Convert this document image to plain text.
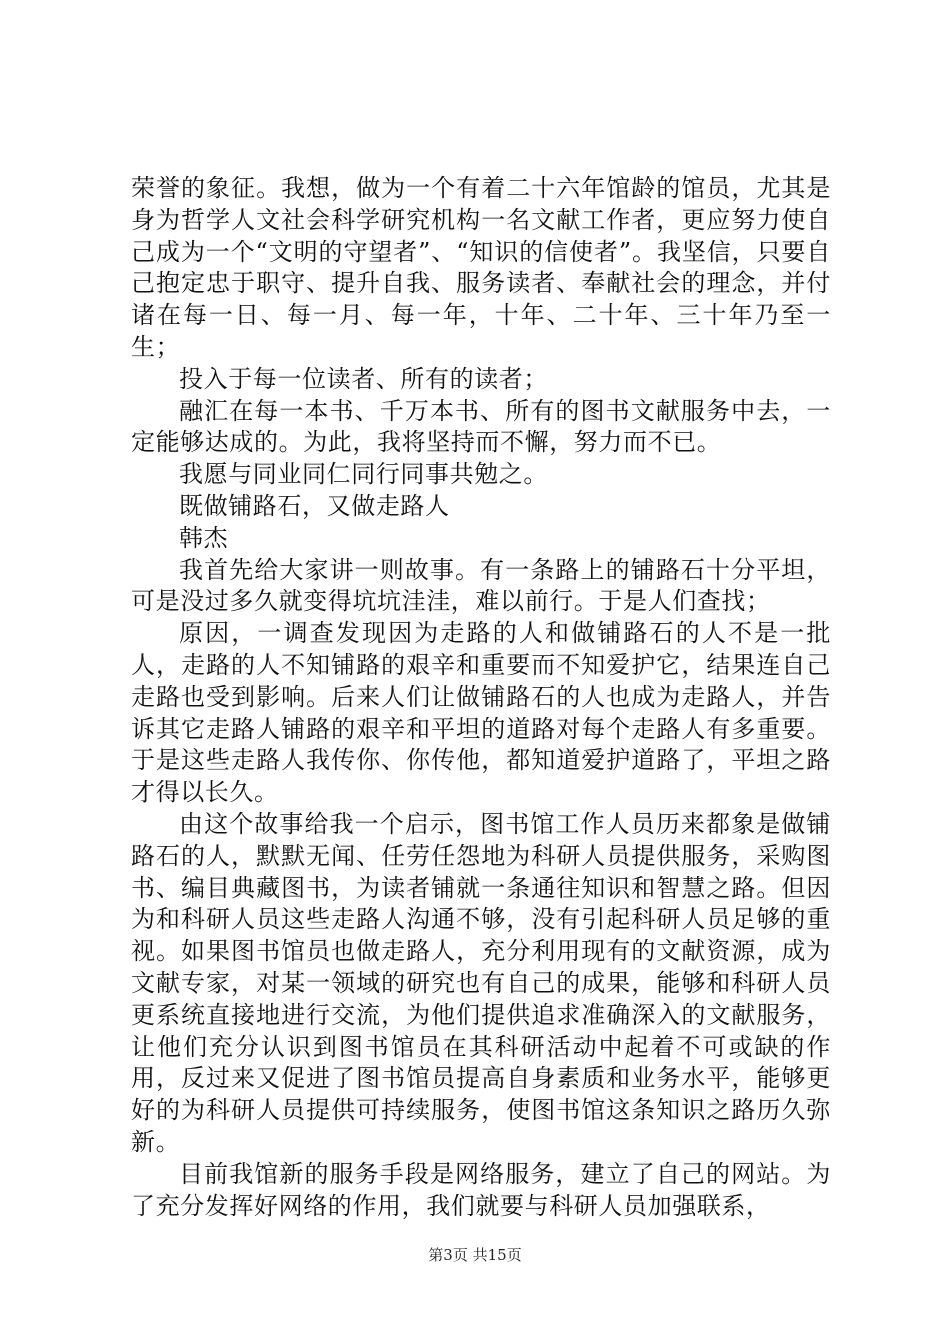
荣誉的象征。我想，做为一个有着二十六年馆龄的馆员，尤其是身为哲学人文社会科学研究机构一名文献工作者，更应努力使自己成为一个“文明的守望者”、“知识的信使者”。我坚信，只要自己抱定忠于职守、提升自我、服务读者、奉献社会的理念，并付诸在每一日、每一月、每一年，十年、二十年、三十年乃至一生；

投入于每一位读者、所有的读者；

融汇在每一本书、千万本书、所有的图书文献服务中去，一定能够达成的。为此，我将坚持而不懈，努力而不已。

我愿与同业同仁同行同事共勉之。

既做铺路石，又做走路人

韩杰

我首先给大家讲一则故事。有一条路上的铺路石十分平坦，可是没过多久就变得坑坑洼洼，难以前行。于是人们查找；

原因，一调查发现因为走路的人和做铺路石的人不是一批人，走路的人不知铺路的艰辛和重要而不知爱护它，结果连自己走路也受到影响。后来人们让做铺路石的人也成为走路人，并告诉其它走路人铺路的艰辛和平坦的道路对每个走路人有多重要。于是这些走路人我传你、你传他，都知道爱护道路了，平坦之路才得以长久。

由这个故事给我一个启示，图书馆工作人员历来都象是做铺路石的人，默默无闻、任劳任怨地为科研人员提供服务，采购图书、编目典藏图书，为读者铺就一条通往知识和智慧之路。但因为和科研人员这些走路人沟通不够，没有引起科研人员足够的重视。如果图书馆员也做走路人，充分利用现有的文献资源，成为文献专家，对某一领域的研究也有自己的成果，能够和科研人员更系统直接地进行交流，为他们提供追求准确深入的文献服务，让他们充分认识到图书馆员在其科研活动中起着不可或缺的作用，反过来又促进了图书馆员提高自身素质和业务水平，能够更好的为科研人员提供可持续服务，使图书馆这条知识之路历久弥新。

目前我馆新的服务手段是网络服务，建立了自己的网站。为了充分发挥好网络的作用，我们就要与科研人员加强联系，

第3页 共15页
